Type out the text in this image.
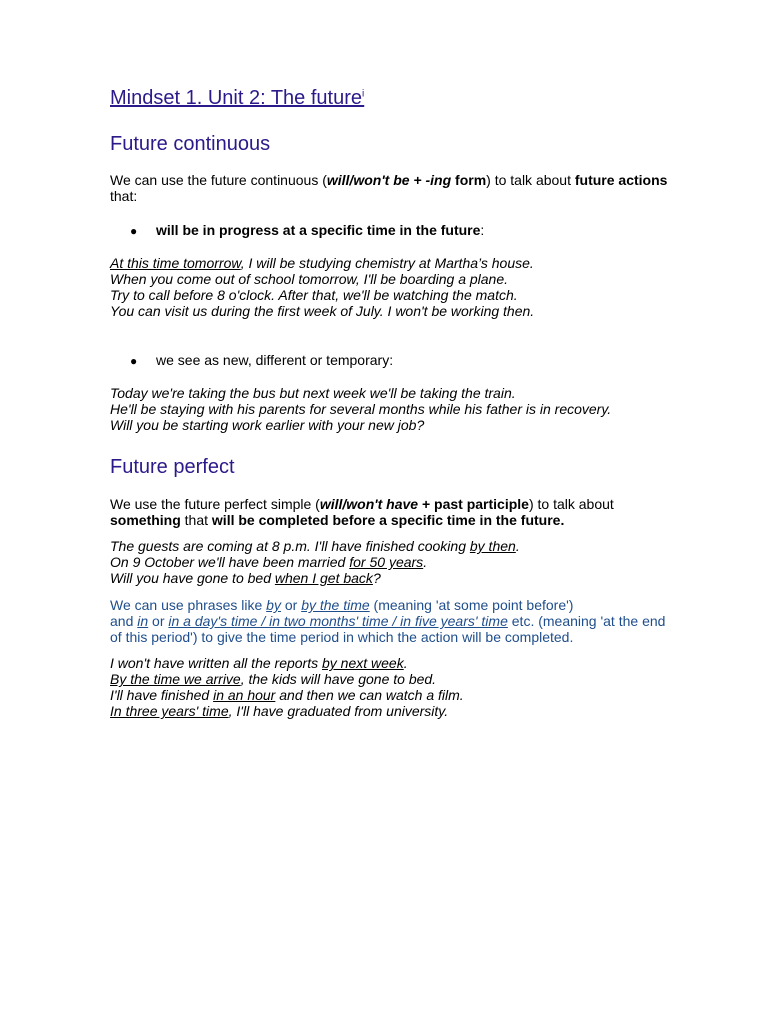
Mindset 1. Unit 2: The future$^i$
Future continuous

We can use the future continuous (will/won't be + -ing form) to talk about future actions that:

● will be in progress at a specific time in the future:

At this time tomorrow, I will be studying chemistry at Martha’s house.
When you come out of school tomorrow, I'll be boarding a plane.
Try to call before 8 o'clock. After that, we'll be watching the match.
You can visit us during the first week of July. I won't be working then.

● we see as new, different or temporary:

Today we're taking the bus but next week we'll be taking the train.
He'll be staying with his parents for several months while his father is in recovery.
Will you be starting work earlier with your new job?

Future perfect

We use the future perfect simple (will/won't have + past participle) to talk about
something that will be completed before a specific time in the future.

The guests are coming at 8 p.m. I'll have finished cooking by then.
On 9 October we'll have been married for 50 years.
Will you have gone to bed when I get back?

We can use phrases like by or by the time (meaning 'at some point before')
and in or in a day's time / in two months' time / in five years' time etc. (meaning 'at the end of this period') to give the time period in which the action will be completed.

I won't have written all the reports by next week.
By the time we arrive, the kids will have gone to bed.
I'll have finished in an hour and then we can watch a film.
In three years' time, I'll have graduated from university.
